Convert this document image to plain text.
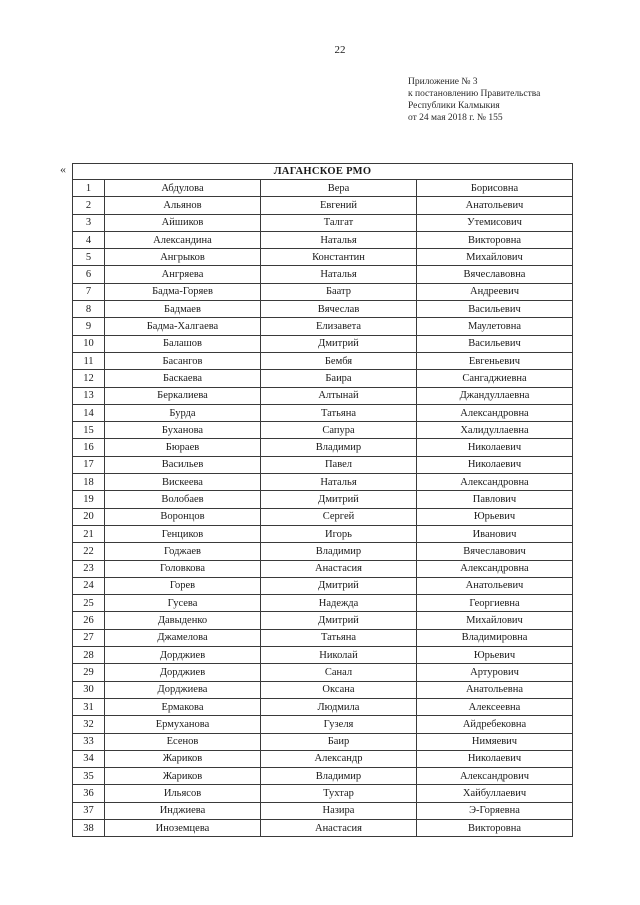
22
Приложение № 3
к постановлению Правительства
Республики Калмыкия
от 24 мая 2018 г. № 155
«	ЛАГАНСКОЕ РМО			
1	Абдулова	Вера	Борисовна
2	Альянов	Евгений	Анатольевич
3	Айшиков	Талгат	Утемисович
4	Александина	Наталья	Викторовна
5	Ангрыков	Константин	Михайлович
6	Ангряева	Наталья	Вячеславовна
7	Бадма-Горяев	Баатр	Андреевич
8	Бадмаев	Вячеслав	Васильевич
9	Бадма-Халгаева	Елизавета	Маулетовна
10	Балашов	Дмитрий	Васильевич
11	Басангов	Бембя	Евгеньевич
12	Баскаева	Баира	Сангаджиевна
13	Беркалиева	Алтынай	Джандуллаевна
14	Бурда	Татьяна	Александровна
15	Буханова	Сапура	Халидуллаевна
16	Бюраев	Владимир	Николаевич
17	Васильев	Павел	Николаевич
18	Вискеева	Наталья	Александровна
19	Волобаев	Дмитрий	Павлович
20	Воронцов	Сергей	Юрьевич
21	Генциков	Игорь	Иванович
22	Годжаев	Владимир	Вячеславович
23	Головкова	Анастасия	Александровна
24	Горев	Дмитрий	Анатольевич
25	Гусева	Надежда	Георгиевна
26	Давыденко	Дмитрий	Михайлович
27	Джамелова	Татьяна	Владимировна
28	Дорджиев	Николай	Юрьевич
29	Дорджиев	Санал	Артурович
30	Дорджиева	Оксана	Анатольевна
31	Ермакова	Людмила	Алексеевна
32	Ермуханова	Гузеля	Айдребековна
33	Есенов	Баир	Нимяевич
34	Жариков	Александр	Николаевич
35	Жариков	Владимир	Александрович
36	Ильясов	Тухтар	Хайбуллаевич
37	Инджиева	Назира	Э-Горяевна
38	Иноземцева	Анастасия	Викторовна
